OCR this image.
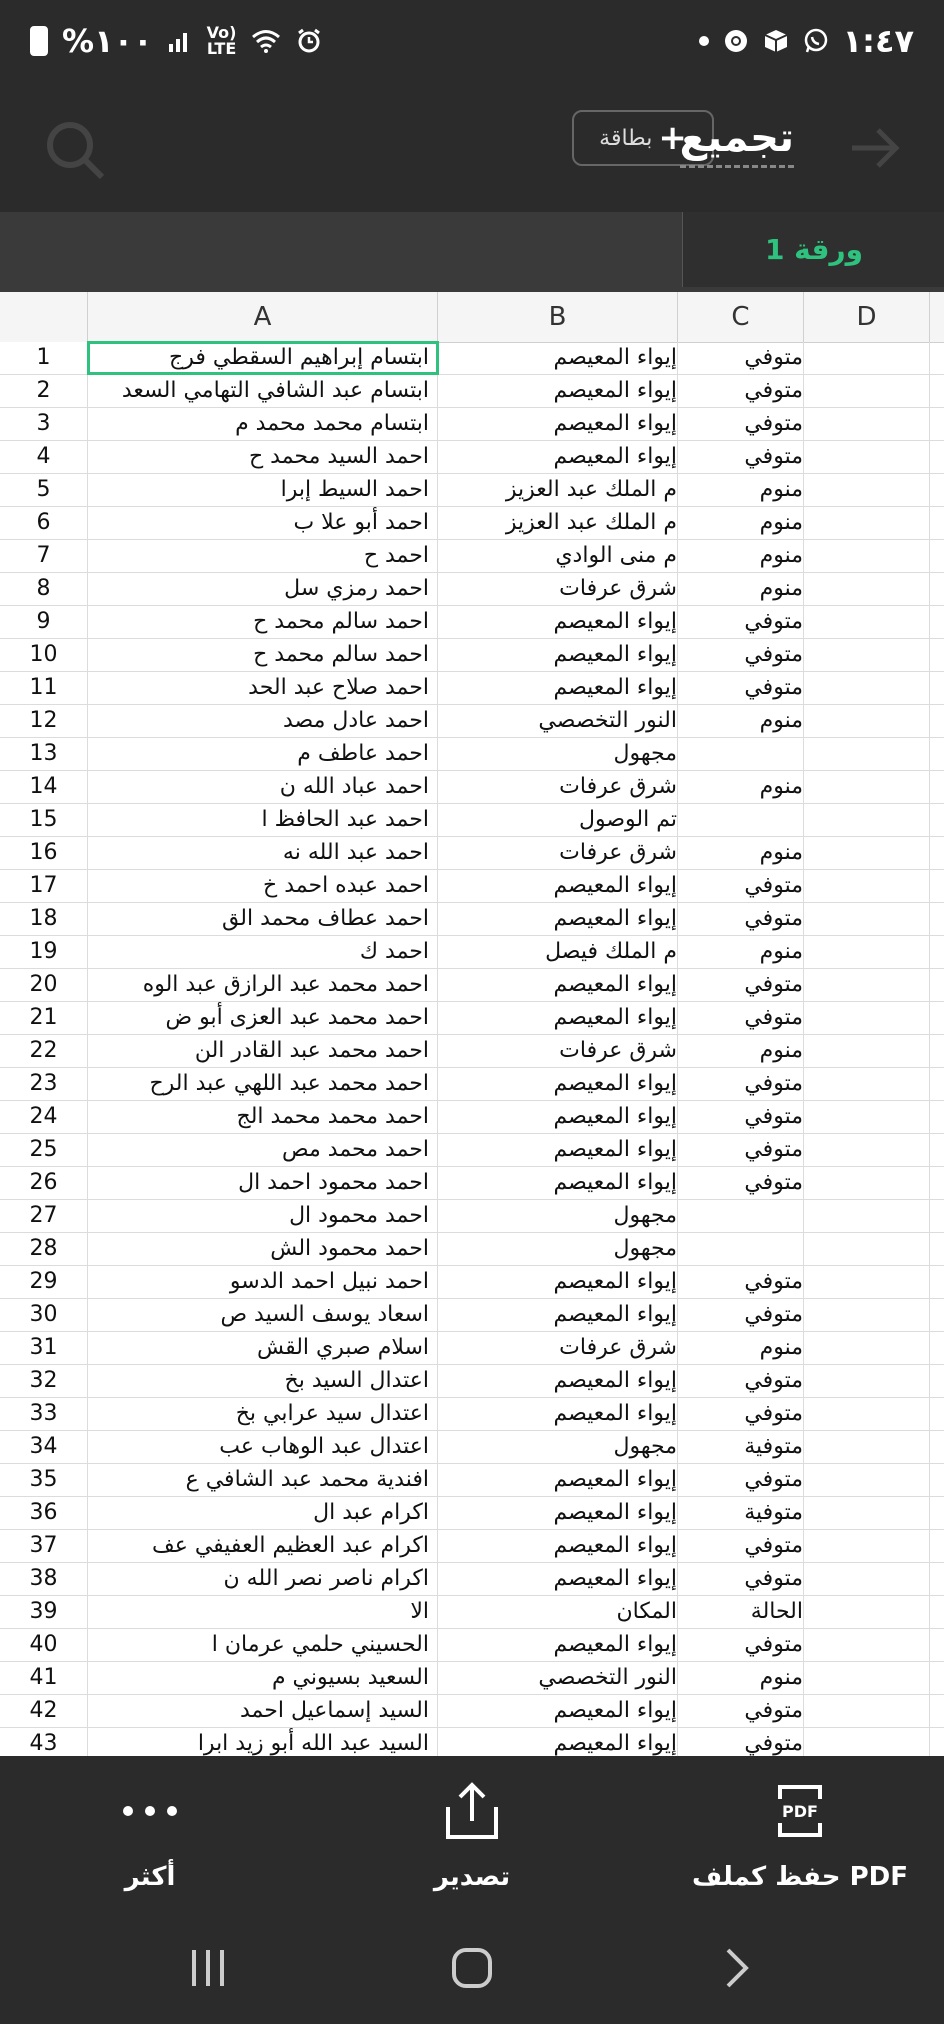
%١٠٠	Vo)
LTE	١:٤٧
بطاقة +
تجميع
ورقة 1
A	B	C	D
1	ابتسام إبراهيم السقطي فرج	إيواء المعيصم	متوفي
2	ابتسام عبد الشافي التهامي السعد	إيواء المعيصم	متوفي
3	ابتسام محمد محمد م	إيواء المعيصم	متوفي
4	احمد السيد محمد ح	إيواء المعيصم	متوفي
5	احمد السيط إبرا	م الملك عبد العزيز	منوم
6	احمد أبو علا ب	م الملك عبد العزيز	منوم
7	احمد ح	م منى الوادي	منوم
8	احمد رمزي سل	شرق عرفات	منوم
9	احمد سالم محمد ح	إيواء المعيصم	متوفي
10	احمد سالم محمد ح	إيواء المعيصم	متوفي
11	احمد صلاح عبد الحد	إيواء المعيصم	متوفي
12	احمد عادل مصد	النور التخصصي	منوم
13	احمد عاطف م	مجهول
14	احمد عباد الله ن	شرق عرفات	منوم
15	احمد عبد الحافظ ا	تم الوصول
16	احمد عبد الله نه	شرق عرفات	منوم
17	احمد عبده احمد خ	إيواء المعيصم	متوفي
18	احمد عطاف محمد الق	إيواء المعيصم	متوفي
19	احمد ك	م الملك فيصل	منوم
20	احمد محمد عبد الرازق عبد الوه	إيواء المعيصم	متوفي
21	احمد محمد عبد العزى أبو ض	إيواء المعيصم	متوفي
22	احمد محمد عبد القادر الن	شرق عرفات	منوم
23	احمد محمد عبد اللهي عبد الرح	إيواء المعيصم	متوفي
24	احمد محمد محمد الج	إيواء المعيصم	متوفي
25	احمد محمد مص	إيواء المعيصم	متوفي
26	احمد محمود احمد ال	إيواء المعيصم	متوفي
27	احمد محمود ال	مجهول
28	احمد محمود الش	مجهول
29	احمد نبيل احمد الدسو	إيواء المعيصم	متوفي
30	اسعاد يوسف السيد ص	إيواء المعيصم	متوفي
31	اسلام صبري القش	شرق عرفات	منوم
32	اعتدال السيد بخ	إيواء المعيصم	متوفي
33	اعتدال سيد عرابي بخ	إيواء المعيصم	متوفي
34	اعتدال عبد الوهاب عب	مجهول	متوفية
35	افندية محمد عبد الشافي ع	إيواء المعيصم	متوفي
36	اكرام عبد ال	إيواء المعيصم	متوفية
37	اكرام عبد العظيم العفيفي عف	إيواء المعيصم	متوفي
38	اكرام ناصر نصر الله ن	إيواء المعيصم	متوفي
39	الا	المكان	الحالة
40	الحسيني حلمي عرمان ا	إيواء المعيصم	متوفي
41	السعيد بسيوني م	النور التخصصي	منوم
42	السيد إسماعيل احمد	إيواء المعيصم	متوفي
43	السيد عبد الله أبو زيد ابرا	إيواء المعيصم	متوفي
أكثر	تصدير
PDF
حفظ كملف PDF
